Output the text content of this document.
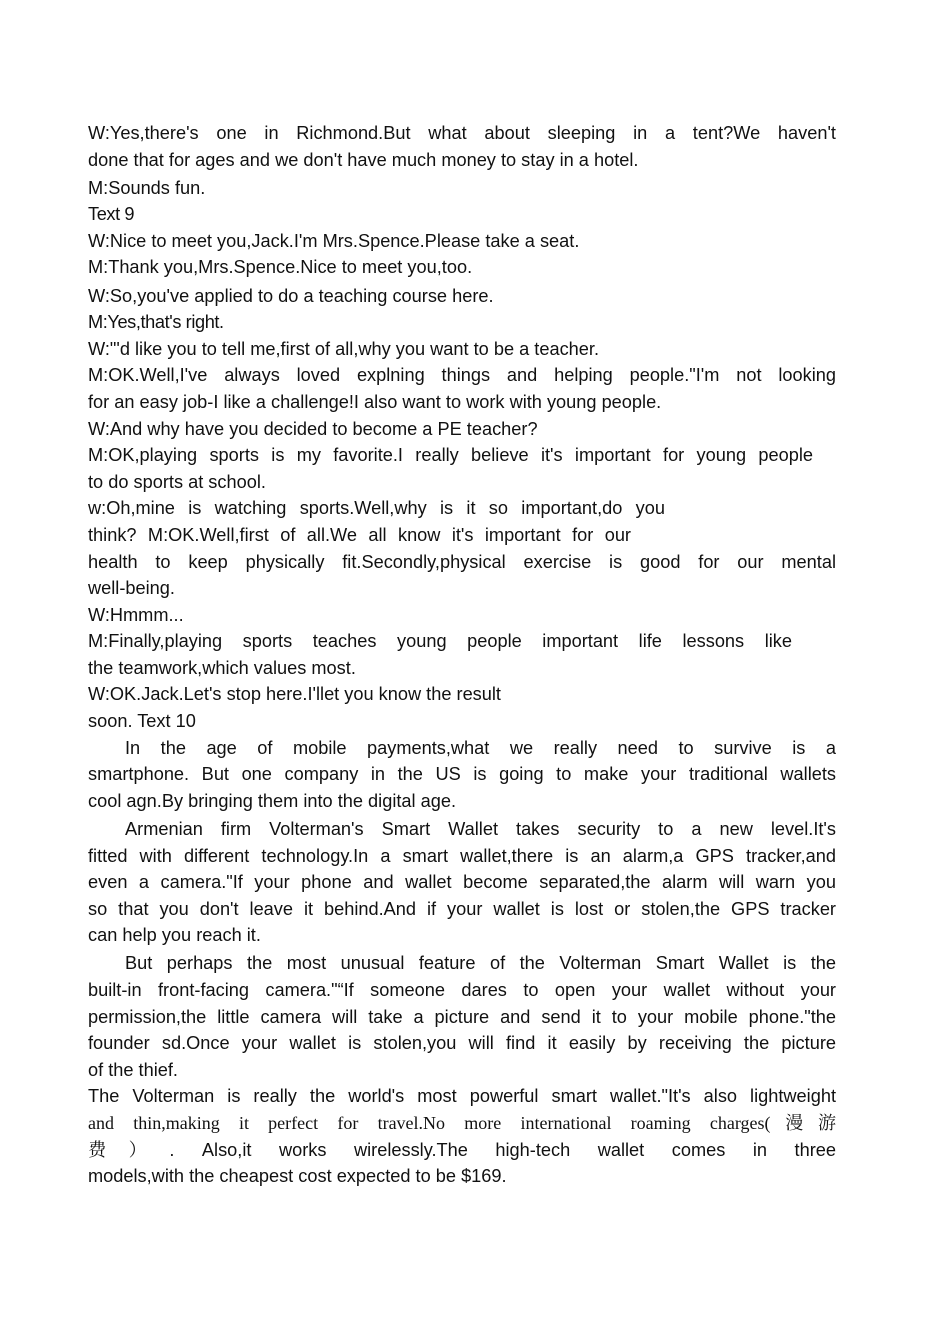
W:Yes,there's one in Richmond.But what about sleeping in a tent?We haven't
done that for ages and we don't have much money to stay in a hotel.
M:Sounds fun.
Text 9
W:Nice to meet you,Jack.I'm Mrs.Spence.Please take a seat.
M:Thank you,Mrs.Spence.Nice to meet you,too.
W:So,you've applied to do a teaching course here.
M:Yes,that's right.
W:"'d like you to tell me,first of all,why you want to be a teacher.
M:OK.Well,I've always loved explning things and helping people."I'm not looking
for an easy job-I like a challenge!I also want to work with young people.
W:And why have you decided to become a PE teacher?
M:OK,playing sports is my favorite.I really believe it's important for young people
to do sports at school.
w:Oh,mine is watching sports.Well,why is it so important,do you
think? M:OK.Well,first of all.We all know it's important for our
health to keep physically fit.Secondly,physical exercise is good for our mental
well-being.
W:Hmmm...
M:Finally,playing sports teaches young people important life lessons like
the teamwork,which values most.
W:OK.Jack.Let's stop here.I'llet you know the result
soon. Text 10
In the age of mobile payments,what we really need to survive is a
smartphone. But one company in the US is going to make your traditional wallets
cool agn.By bringing them into the digital age.
Armenian firm Volterman's Smart Wallet takes security to a new level.It's
fitted with different technology.In a smart wallet,there is an alarm,a GPS tracker,and
even a camera."If your phone and wallet become separated,the alarm will warn you
so that you don't leave it behind.And if your wallet is lost or stolen,the GPS tracker
can help you reach it.
But perhaps the most unusual feature of the Volterman Smart Wallet is the
built-in front-facing camera."“If someone dares to open your wallet without your
permission,the little camera will take a picture and send it to your mobile phone."the
founder sd.Once your wallet is stolen,you will find it easily by receiving the picture
of the thief.
The Volterman is really the world's most powerful smart wallet."It's also lightweight
and thin,making it perfect for travel.No more international roaming charges(漫游
费）. Also,it works wirelessly.The high-tech wallet comes in three
models,with the cheapest cost expected to be $169.
